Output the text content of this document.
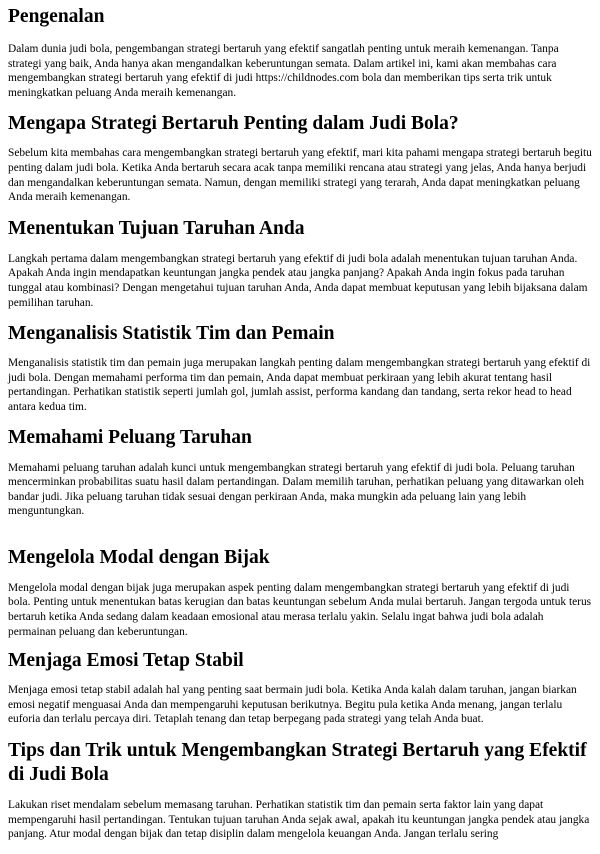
Pengenalan

Dalam dunia judi bola, pengembangan strategi bertaruh yang efektif sangatlah penting untuk meraih kemenangan. Tanpa strategi yang baik, Anda hanya akan mengandalkan keberuntungan semata. Dalam artikel ini, kami akan membahas cara mengembangkan strategi bertaruh yang efektif di judi https://childnodes.com bola dan memberikan tips serta trik untuk meningkatkan peluang Anda meraih kemenangan.

Mengapa Strategi Bertaruh Penting dalam Judi Bola?

Sebelum kita membahas cara mengembangkan strategi bertaruh yang efektif, mari kita pahami mengapa strategi bertaruh begitu penting dalam judi bola. Ketika Anda bertaruh secara acak tanpa memiliki rencana atau strategi yang jelas, Anda hanya berjudi dan mengandalkan keberuntungan semata. Namun, dengan memiliki strategi yang terarah, Anda dapat meningkatkan peluang Anda meraih kemenangan.

Menentukan Tujuan Taruhan Anda

Langkah pertama dalam mengembangkan strategi bertaruh yang efektif di judi bola adalah menentukan tujuan taruhan Anda. Apakah Anda ingin mendapatkan keuntungan jangka pendek atau jangka panjang? Apakah Anda ingin fokus pada taruhan tunggal atau kombinasi? Dengan mengetahui tujuan taruhan Anda, Anda dapat membuat keputusan yang lebih bijaksana dalam pemilihan taruhan.

Menganalisis Statistik Tim dan Pemain

Menganalisis statistik tim dan pemain juga merupakan langkah penting dalam mengembangkan strategi bertaruh yang efektif di judi bola. Dengan memahami performa tim dan pemain, Anda dapat membuat perkiraan yang lebih akurat tentang hasil pertandingan. Perhatikan statistik seperti jumlah gol, jumlah assist, performa kandang dan tandang, serta rekor head to head antara kedua tim.

Memahami Peluang Taruhan

Memahami peluang taruhan adalah kunci untuk mengembangkan strategi bertaruh yang efektif di judi bola. Peluang taruhan mencerminkan probabilitas suatu hasil dalam pertandingan. Dalam memilih taruhan, perhatikan peluang yang ditawarkan oleh bandar judi. Jika peluang taruhan tidak sesuai dengan perkiraan Anda, maka mungkin ada peluang lain yang lebih menguntungkan.

Mengelola Modal dengan Bijak

Mengelola modal dengan bijak juga merupakan aspek penting dalam mengembangkan strategi bertaruh yang efektif di judi bola. Penting untuk menentukan batas kerugian dan batas keuntungan sebelum Anda mulai bertaruh. Jangan tergoda untuk terus bertaruh ketika Anda sedang dalam keadaan emosional atau merasa terlalu yakin. Selalu ingat bahwa judi bola adalah permainan peluang dan keberuntungan.

Menjaga Emosi Tetap Stabil

Menjaga emosi tetap stabil adalah hal yang penting saat bermain judi bola. Ketika Anda kalah dalam taruhan, jangan biarkan emosi negatif menguasai Anda dan mempengaruhi keputusan berikutnya. Begitu pula ketika Anda menang, jangan terlalu euforia dan terlalu percaya diri. Tetaplah tenang dan tetap berpegang pada strategi yang telah Anda buat.

Tips dan Trik untuk Mengembangkan Strategi Bertaruh yang Efektif di Judi Bola

Lakukan riset mendalam sebelum memasang taruhan. Perhatikan statistik tim dan pemain serta faktor lain yang dapat mempengaruhi hasil pertandingan. Tentukan tujuan taruhan Anda sejak awal, apakah itu keuntungan jangka pendek atau jangka panjang. Atur modal dengan bijak dan tetap disiplin dalam mengelola keuangan Anda. Jangan terlalu sering
